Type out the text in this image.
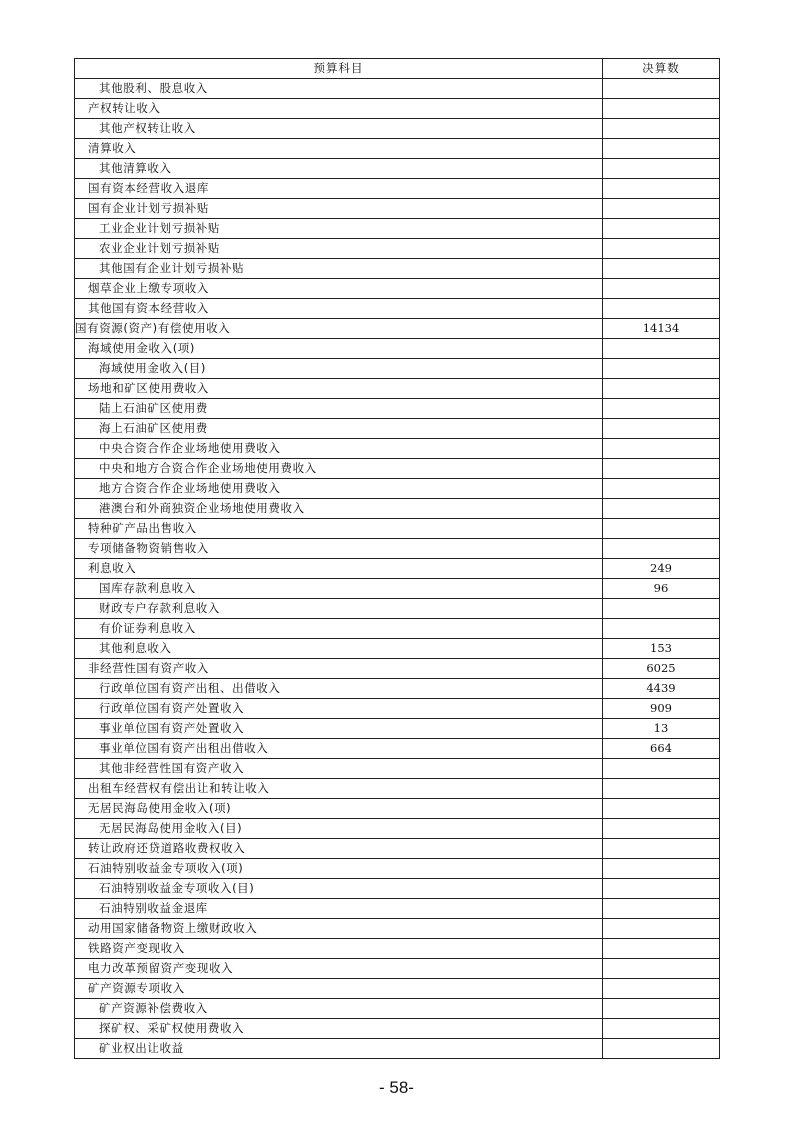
预算科目	决算数
其他股利、股息收入	
产权转让收入	
其他产权转让收入	
清算收入	
其他清算收入	
国有资本经营收入退库	
国有企业计划亏损补贴	
工业企业计划亏损补贴	
农业企业计划亏损补贴	
其他国有企业计划亏损补贴	
烟草企业上缴专项收入	
其他国有资本经营收入	
国有资源(资产)有偿使用收入	14134
海域使用金收入(项)	
海域使用金收入(目)	
场地和矿区使用费收入	
陆上石油矿区使用费	
海上石油矿区使用费	
中央合资合作企业场地使用费收入	
中央和地方合资合作企业场地使用费收入	
地方合资合作企业场地使用费收入	
港澳台和外商独资企业场地使用费收入	
特种矿产品出售收入	
专项储备物资销售收入	
利息收入	249
国库存款利息收入	96
财政专户存款利息收入	
有价证券利息收入	
其他利息收入	153
非经营性国有资产收入	6025
行政单位国有资产出租、出借收入	4439
行政单位国有资产处置收入	909
事业单位国有资产处置收入	13
事业单位国有资产出租出借收入	664
其他非经营性国有资产收入	
出租车经营权有偿出让和转让收入	
无居民海岛使用金收入(项)	
无居民海岛使用金收入(目)	
转让政府还贷道路收费权收入	
石油特别收益金专项收入(项)	
石油特别收益金专项收入(目)	
石油特别收益金退库	
动用国家储备物资上缴财政收入	
铁路资产变现收入	
电力改革预留资产变现收入	
矿产资源专项收入	
矿产资源补偿费收入	
探矿权、采矿权使用费收入	
矿业权出让收益	
- 58-
